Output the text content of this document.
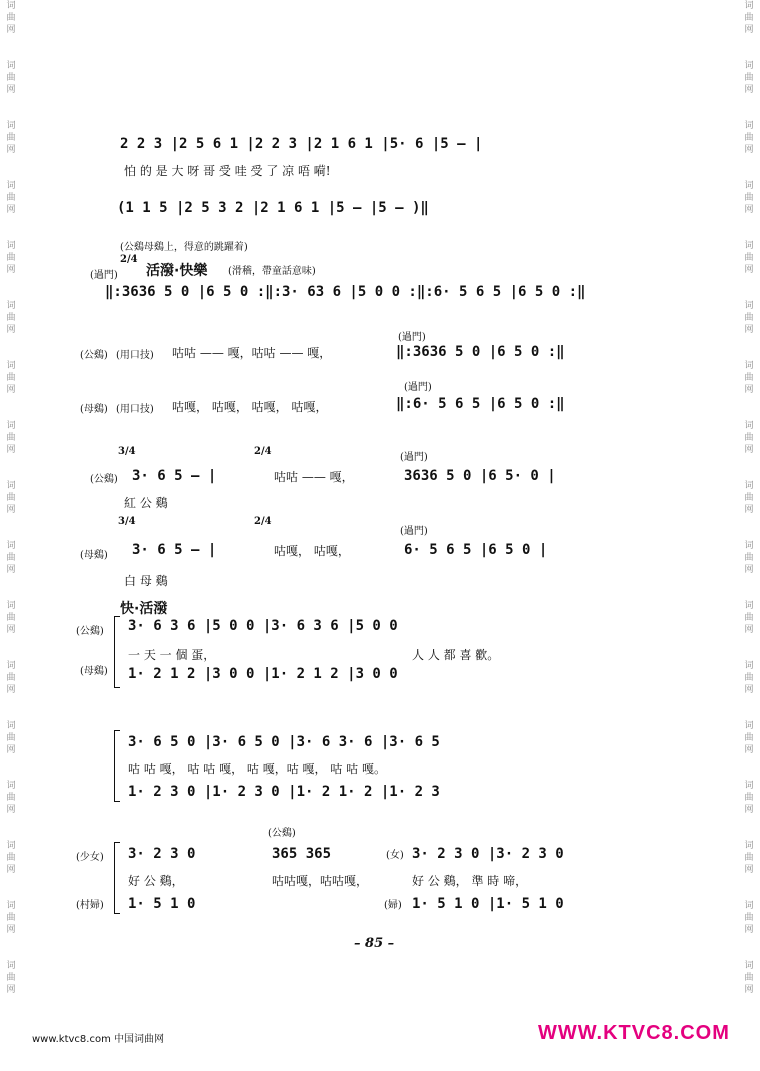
词
曲
网
词
曲
网
词
曲
网
词
曲
网
词
曲
网
词
曲
网
词
曲
网
词
曲
网
词
曲
网
词
曲
网
词
曲
网
词
曲
网
词
曲
网
词
曲
网
词
曲
网
词
曲
网
词
曲
网
词
曲
网
词
曲
网
词
曲
网
词
曲
网
词
曲
网
词
曲
网
词
曲
网
词
曲
网
词
曲
网
词
曲
网
词
曲
网
词
曲
网
词
曲
网
词
曲
网
词
曲
网
词
曲
网
词
曲
网
2 2 3 |2 5 6 1 |2 2 3 |2 1 6 1 |5· 6 |5 — |
怕 的 是 大 呀 哥 受 哇 受 了 凉 唔 嗬!
(1 1 5 |2 5 3 2 |2 1 6 1 |5 — |5 — )‖
(公鷄母鷄上，得意的跳躍着)
(過門)
2/4
活潑·快樂 (滑稽，帶童話意味)
‖:3636 5 0 |6 5 0 :‖:3· 63 6 |5 0 0 :‖:6· 5 6 5 |6 5 0 :‖
(公鷄) (用口技) 咕咕 —— 嘎，咕咕 —— 嘎，
(過門)
‖:3636 5 0 |6 5 0 :‖
(母鷄) (用口技) 咕嘎， 咕嘎， 咕嘎， 咕嘎，
(過門)
‖:6· 5 6 5 |6 5 0 :‖
3/4	2/4
(公鷄) 3· 6 5 — |	咕咕 —— 嘎，
(過門)
3636 5 0 |6 5· 0 |
紅 公 鷄
3/4	2/4
(過門)
(母鷄) 3· 6 5 — |	咕嘎， 咕嘎，	6· 5 6 5 |6 5 0 |
白 母 鷄
快·活潑
(公鷄)
(母鷄)
3· 6 3 6 |5 0 0 |3· 6 3 6 |5 0 0
一 天 一 個 蛋，	人 人 都 喜 歡。
1· 2 1 2 |3 0 0 |1· 2 1 2 |3 0 0
3· 6 5 0 |3· 6 5 0 |3· 6 3· 6 |3· 6 5
咕 咕 嘎， 咕 咕 嘎， 咕 嘎，咕 嘎， 咕 咕 嘎。
1· 2 3 0 |1· 2 3 0 |1· 2 1· 2 |1· 2 3
(公鷄)
(少女)
(村婦)
3· 2 3 0	365 365	(女) 3· 2 3 0 |3· 2 3 0
好 公 鷄，	咕咕嘎，咕咕嘎，	好 公 鷄， 準 時 啼，
1· 5 1 0	(婦) 1· 5 1 0 |1· 5 1 0
– 85 –
www.ktvc8.com 中国词曲网	WWW.KTVC8.COM
